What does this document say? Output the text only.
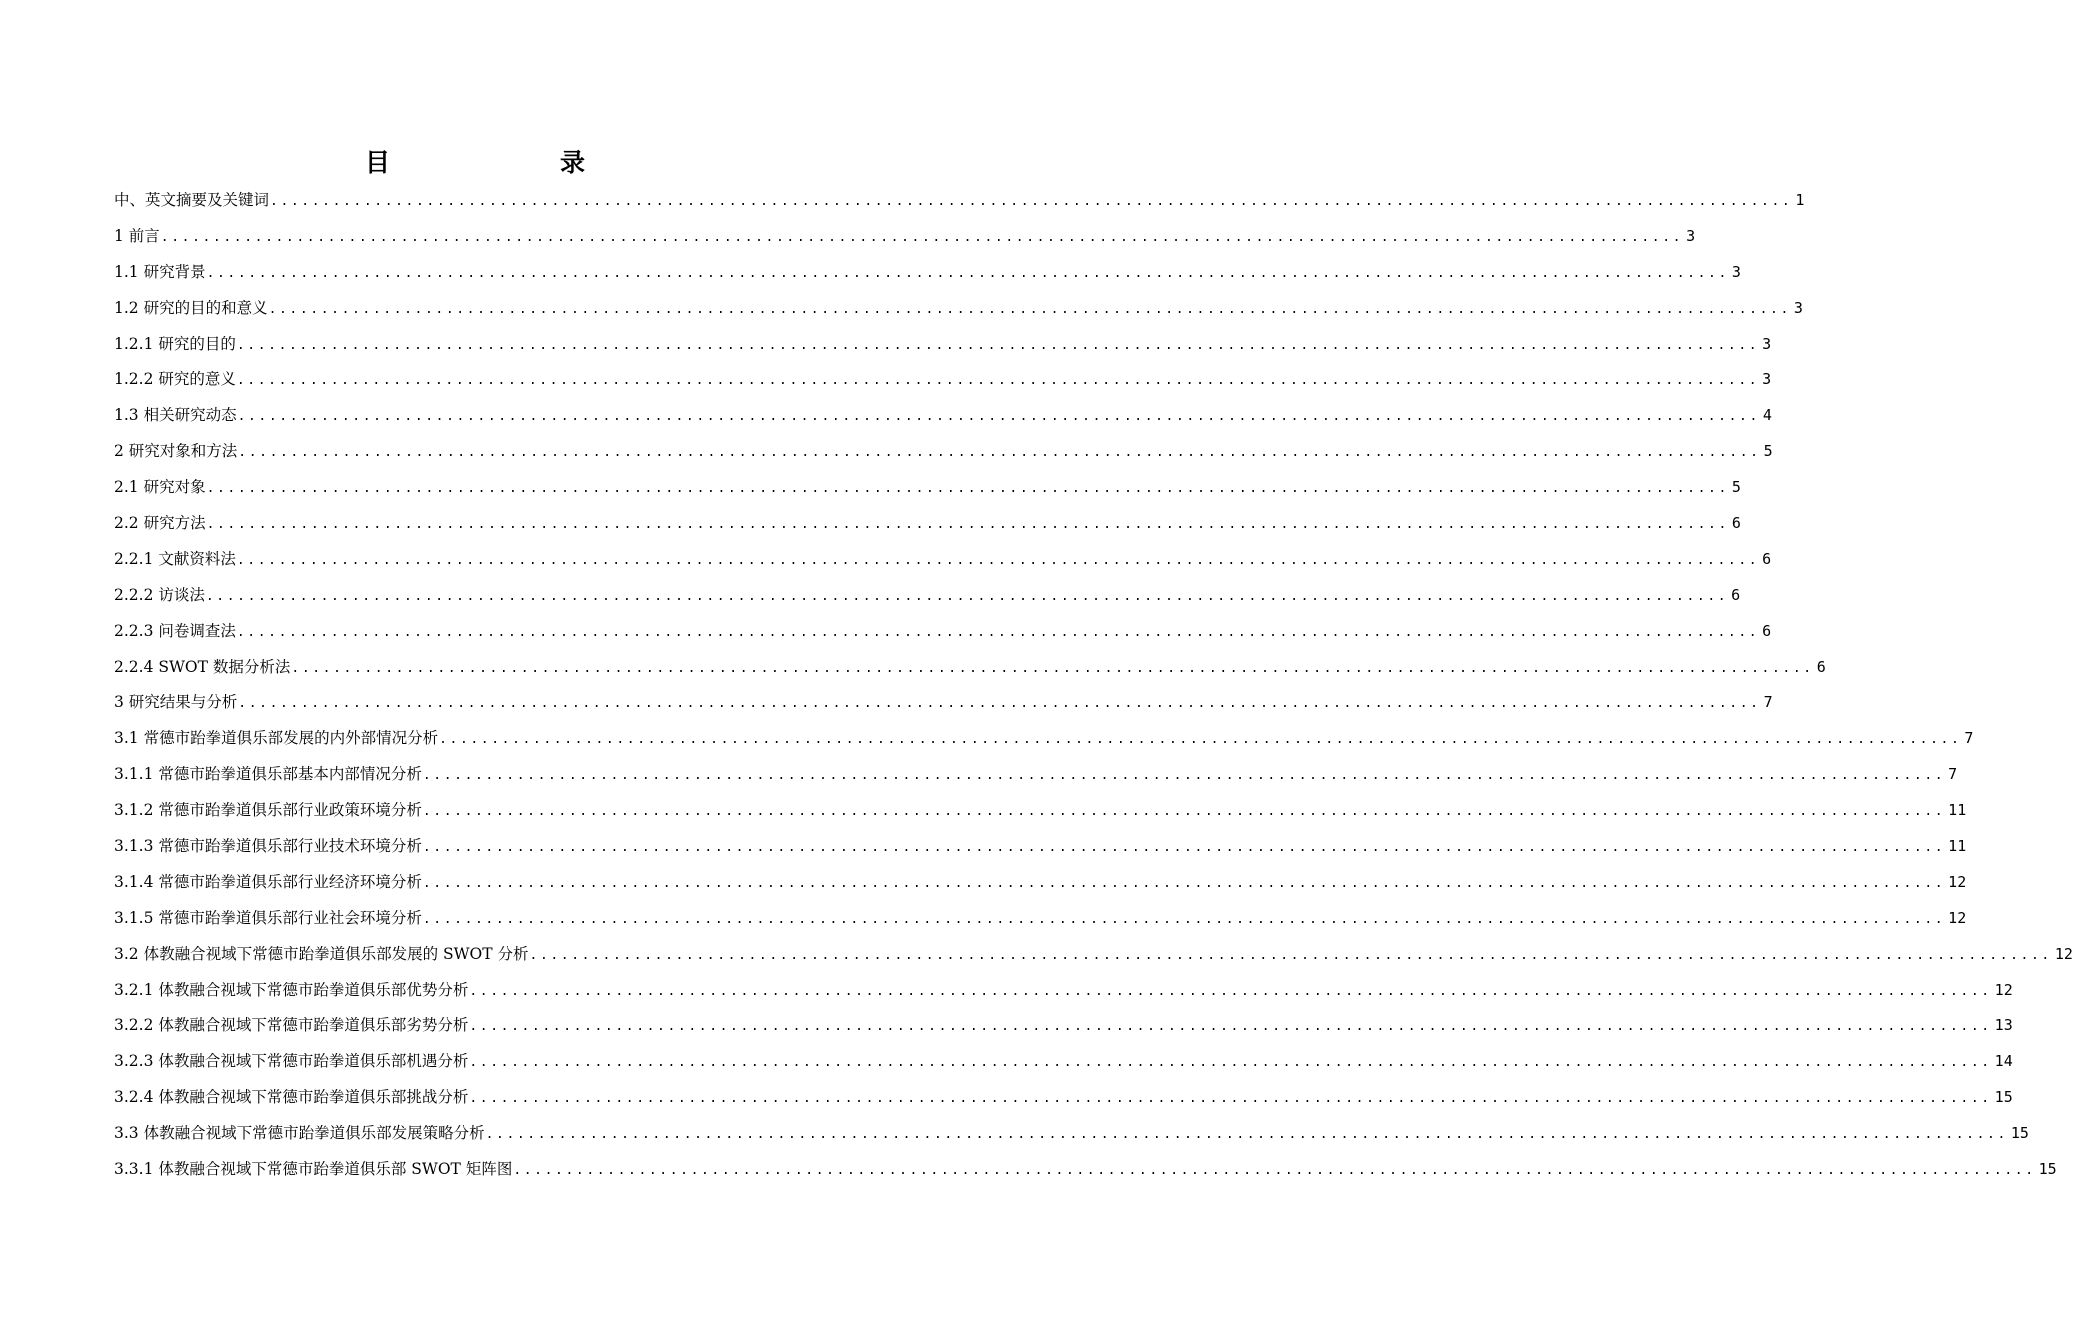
目　　录
中、英文摘要及关键词 .................................................................................................................................................. 1
1 前言 .................................................................................................................................................. 3
1.1 研究背景 .................................................................................................................................................. 3
1.2 研究的目的和意义 .................................................................................................................................................. 3
1.2.1 研究的目的 .................................................................................................................................................. 3
1.2.2 研究的意义 .................................................................................................................................................. 3
1.3 相关研究动态 .................................................................................................................................................. 4
2 研究对象和方法 .................................................................................................................................................. 5
2.1 研究对象 .................................................................................................................................................. 5
2.2 研究方法 .................................................................................................................................................. 6
2.2.1 文献资料法 .................................................................................................................................................. 6
2.2.2 访谈法 .................................................................................................................................................. 6
2.2.3 问卷调查法 .................................................................................................................................................. 6
2.2.4 SWOT 数据分析法 .................................................................................................................................................. 6
3 研究结果与分析 .................................................................................................................................................. 7
3.1 常德市跆拳道俱乐部发展的内外部情况分析 .................................................................................................................................................. 7
3.1.1 常德市跆拳道俱乐部基本内部情况分析 .................................................................................................................................................. 7
3.1.2 常德市跆拳道俱乐部行业政策环境分析 .................................................................................................................................................. 11
3.1.3 常德市跆拳道俱乐部行业技术环境分析 .................................................................................................................................................. 11
3.1.4 常德市跆拳道俱乐部行业经济环境分析 .................................................................................................................................................. 12
3.1.5 常德市跆拳道俱乐部行业社会环境分析 .................................................................................................................................................. 12
3.2 体教融合视域下常德市跆拳道俱乐部发展的 SWOT 分析 .................................................................................................................................................. 12
3.2.1 体教融合视域下常德市跆拳道俱乐部优势分析 .................................................................................................................................................. 12
3.2.2 体教融合视域下常德市跆拳道俱乐部劣势分析 .................................................................................................................................................. 13
3.2.3 体教融合视域下常德市跆拳道俱乐部机遇分析 .................................................................................................................................................. 14
3.2.4 体教融合视域下常德市跆拳道俱乐部挑战分析 .................................................................................................................................................. 15
3.3 体教融合视域下常德市跆拳道俱乐部发展策略分析 .................................................................................................................................................. 15
3.3.1 体教融合视域下常德市跆拳道俱乐部 SWOT 矩阵图 .................................................................................................................................................. 15
